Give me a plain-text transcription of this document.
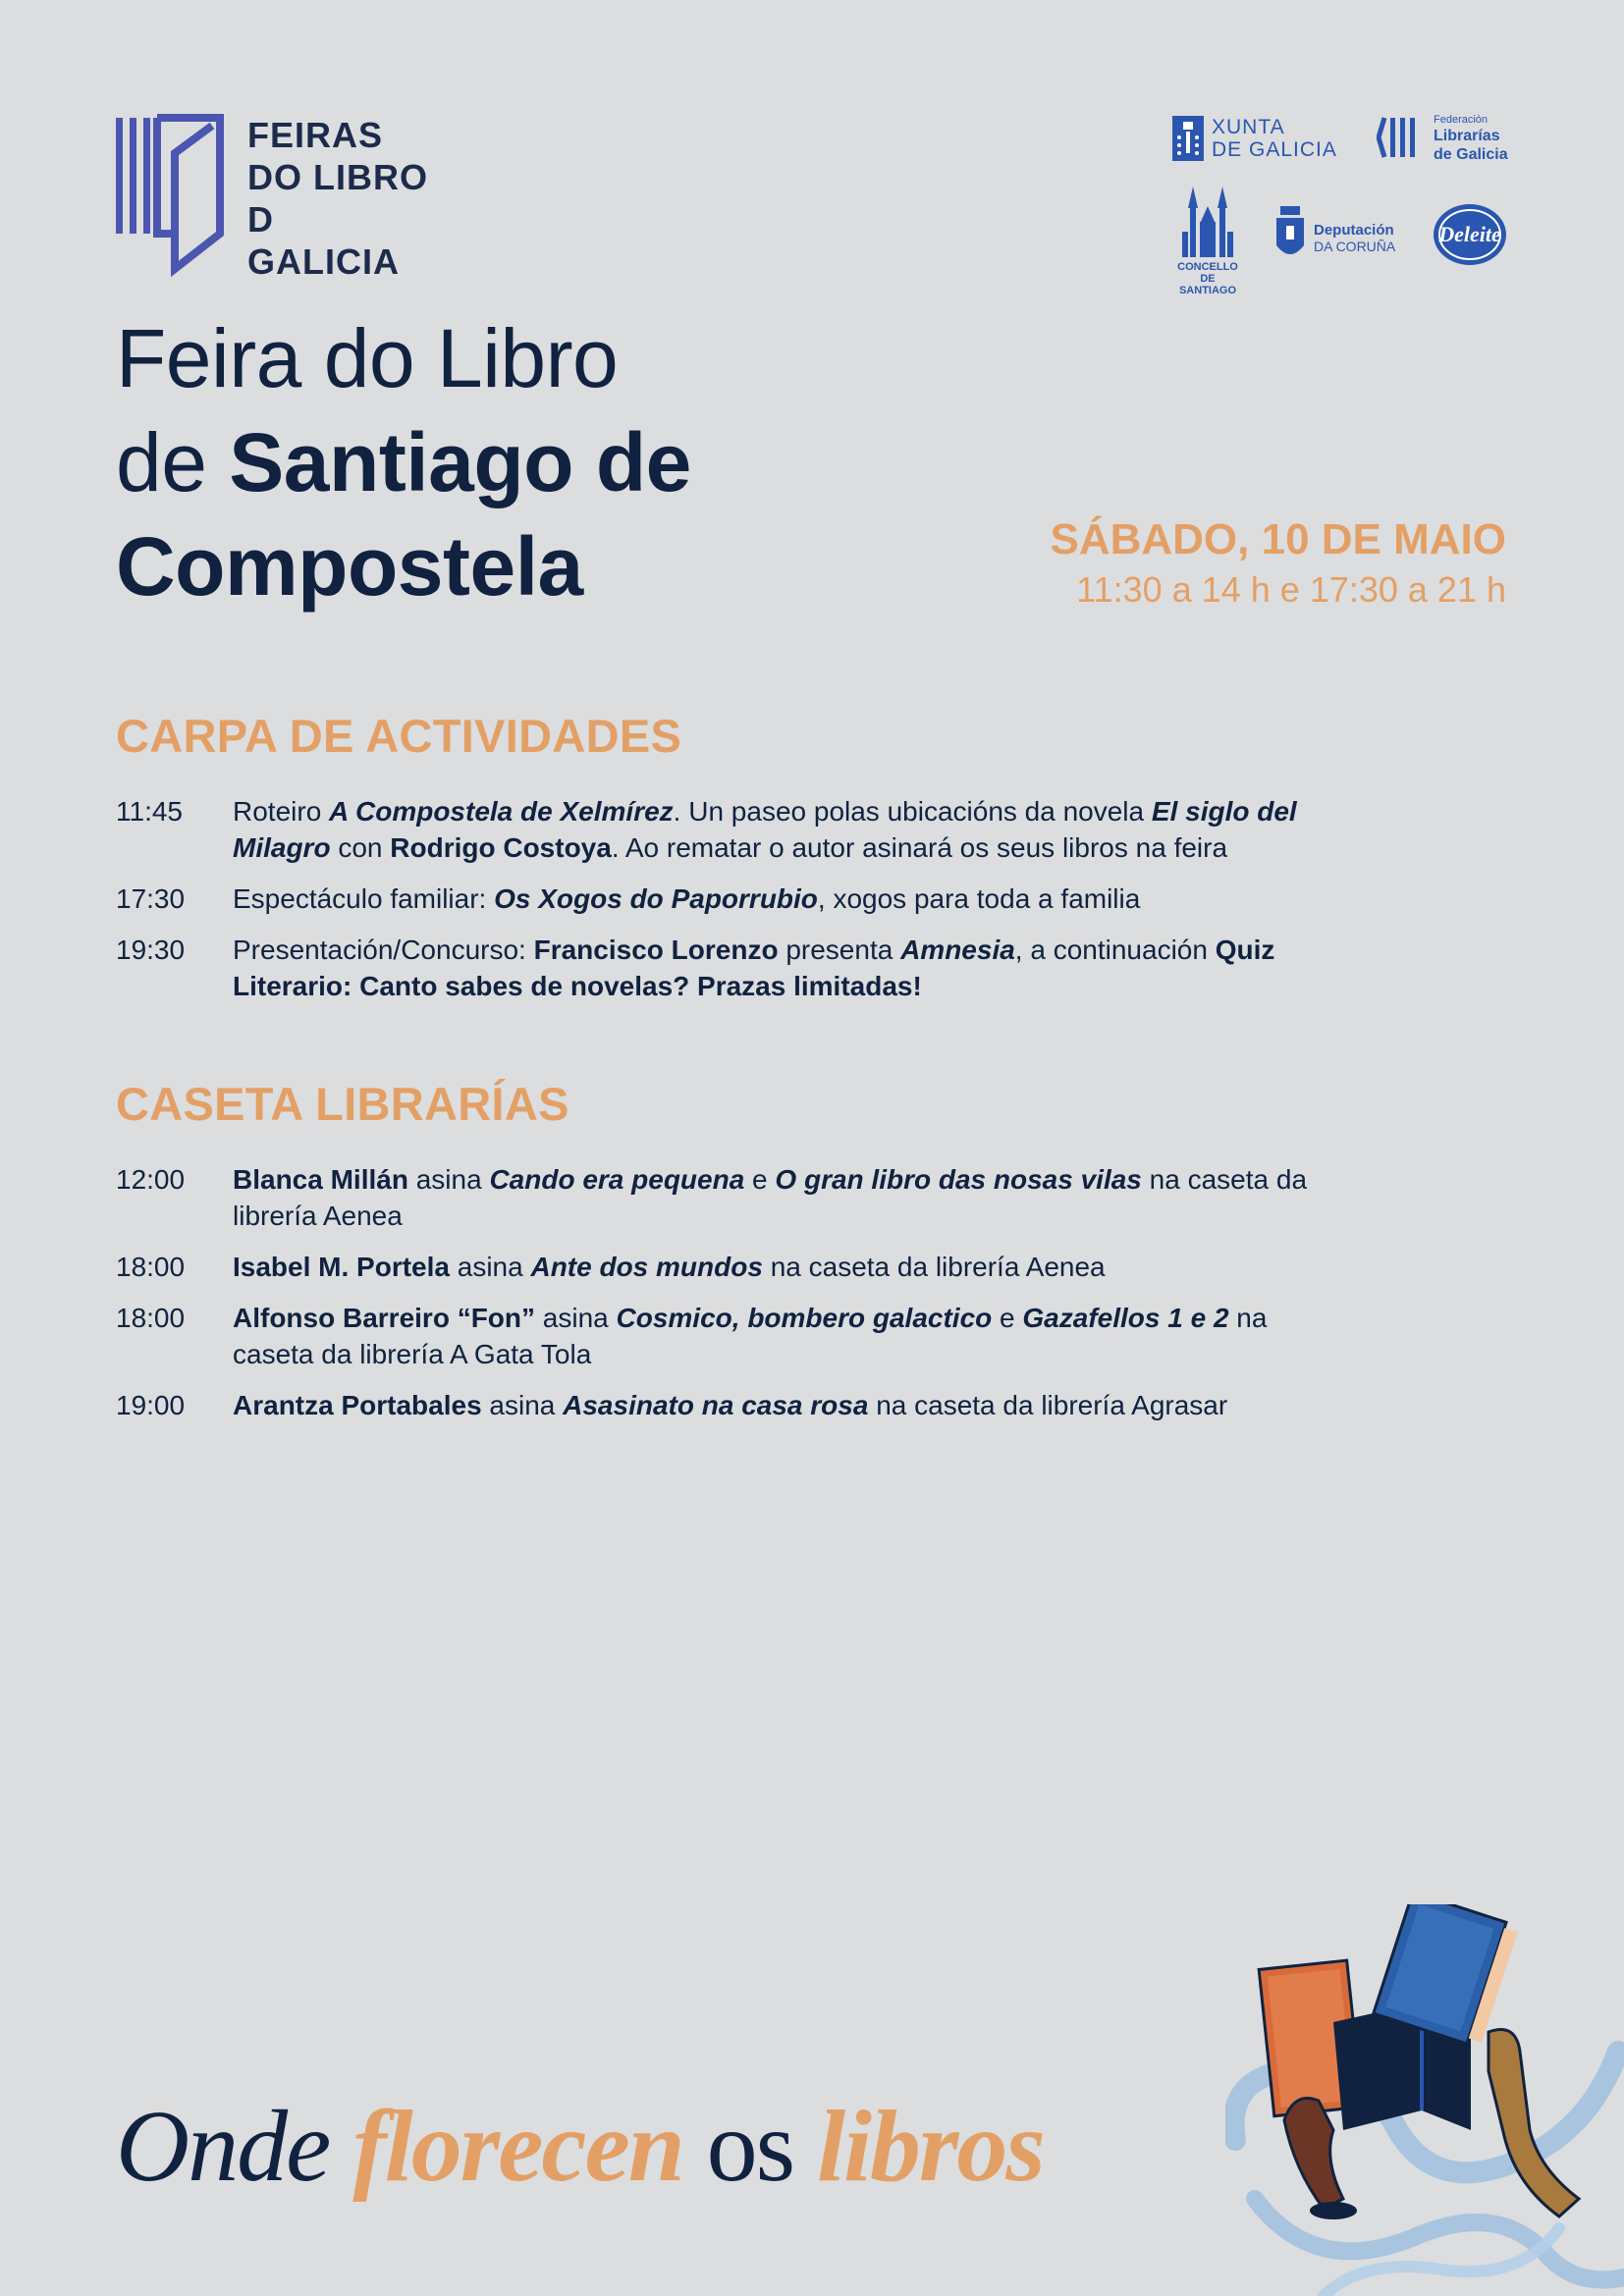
FEIRAS
DO LIBRO
D GALICIA
XUNTA
DE GALICIA
Federación
Librarías
de Galicia
CONCELLO DE
SANTIAGO
Deputación
DA CORUÑA	Deleite
Feira do Libro
de Santiago de
Compostela	SÁBADO, 10 DE MAIO
11:30 a 14 h e 17:30 a 21 h
CARPA DE ACTIVIDADES
11:45	Roteiro A Compostela de Xelmírez. Un paseo polas ubicacións da novela El siglo del Milagro con Rodrigo Costoya. Ao rematar o autor asinará os seus libros na feira
17:30	Espectáculo familiar: Os Xogos do Paporrubio, xogos para toda a familia
19:30	Presentación/Concurso: Francisco Lorenzo presenta Amnesia, a continuación Quiz Literario: Canto sabes de novelas? Prazas limitadas!
CASETA LIBRARÍAS
12:00	Blanca Millán asina Cando era pequena e O gran libro das nosas vilas na caseta da librería Aenea
18:00	Isabel M. Portela asina Ante dos mundos na caseta da librería Aenea
18:00	Alfonso Barreiro “Fon” asina Cosmico, bombero galactico e Gazafellos 1 e 2 na caseta da librería A Gata Tola
19:00	Arantza Portabales asina Asasinato na casa rosa na caseta da librería Agrasar
Onde florecen os libros
